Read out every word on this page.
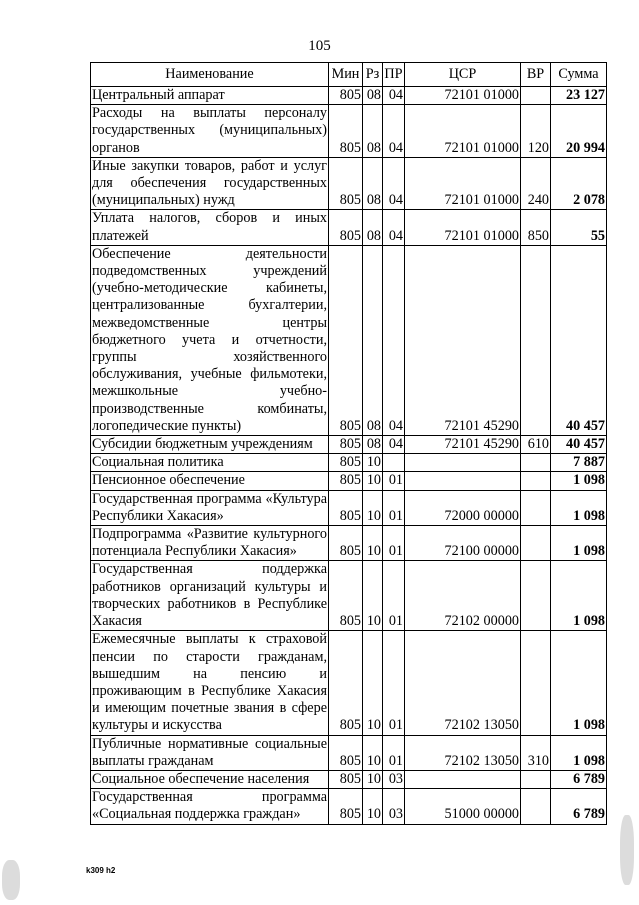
105
Наименование	Мин	Рз	ПР	ЦСР	ВР	Сумма
Центральный аппарат	805	08	04	72101 01000		23 127
Расходы на выплаты персоналу государственных (муниципальных) органов	805	08	04	72101 01000	120	20 994
Иные закупки товаров, работ и услуг для обеспечения государственных (муниципальных) нужд	805	08	04	72101 01000	240	2 078
Уплата налогов, сборов и иных платежей	805	08	04	72101 01000	850	55
Обеспечение деятельности подведомственных учреждений (учебно-методические кабинеты, централизованные бухгалтерии, межведомственные центры бюджетного учета и отчетности, группы хозяйственного обслуживания, учебные фильмотеки, межшкольные учебно-производственные комбинаты, логопедические пункты)	805	08	04	72101 45290		40 457
Субсидии бюджетным учреждениям	805	08	04	72101 45290	610	40 457
Социальная политика	805	10				7 887
Пенсионное обеспечение	805	10	01			1 098
Государственная программа «Культура Республики Хакасия»	805	10	01	72000 00000		1 098
Подпрограмма «Развитие культурного потенциала Республики Хакасия»	805	10	01	72100 00000		1 098
Государственная поддержка работников организаций культуры и творческих работников в Республике Хакасия	805	10	01	72102 00000		1 098
Ежемесячные выплаты к страховой пенсии по старости гражданам, вышедшим на пенсию и проживающим в Республике Хакасия и имеющим почетные звания в сфере культуры и искусства	805	10	01	72102 13050		1 098
Публичные нормативные социальные выплаты гражданам	805	10	01	72102 13050	310	1 098
Социальное обеспечение населения	805	10	03			6 789
Государственная программа «Социальная поддержка граждан»	805	10	03	51000 00000		6 789
k309 h2
